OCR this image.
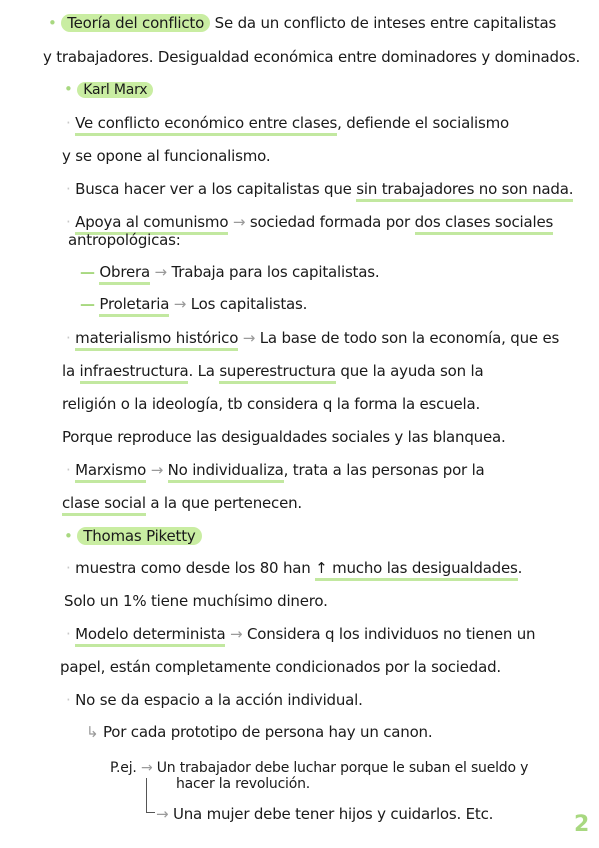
• Teoría del conflicto Se da un conflicto de inteses entre capitalistas
y trabajadores. Desigualdad económica entre dominadores y dominados.
• Karl Marx
· Ve conflicto económico entre clases, defiende el socialismo
y se opone al funcionalismo.
· Busca hacer ver a los capitalistas que sin trabajadores no son nada.
· Apoya al comunismo → sociedad formada por dos clases sociales
antropológicas:
— Obrera → Trabaja para los capitalistas.
— Proletaria → Los capitalistas.
· materialismo histórico → La base de todo son la economía, que es
la infraestructura. La superestructura que la ayuda son la
religión o la ideología, tb considera q la forma la escuela.
Porque reproduce las desigualdades sociales y las blanquea.
· Marxismo → No individualiza, trata a las personas por la
clase social a la que pertenecen.
• Thomas Piketty
· muestra como desde los 80 han ↑ mucho las desigualdades.
Solo un 1% tiene muchísimo dinero.
· Modelo determinista → Considera q los individuos no tienen un
papel, están completamente condicionados por la sociedad.
· No se da espacio a la acción individual.
↳ Por cada prototipo de persona hay un canon.
P.ej. → Un trabajador debe luchar porque le suban el sueldo y
hacer la revolución.
→ Una mujer debe tener hijos y cuidarlos. Etc.	2
